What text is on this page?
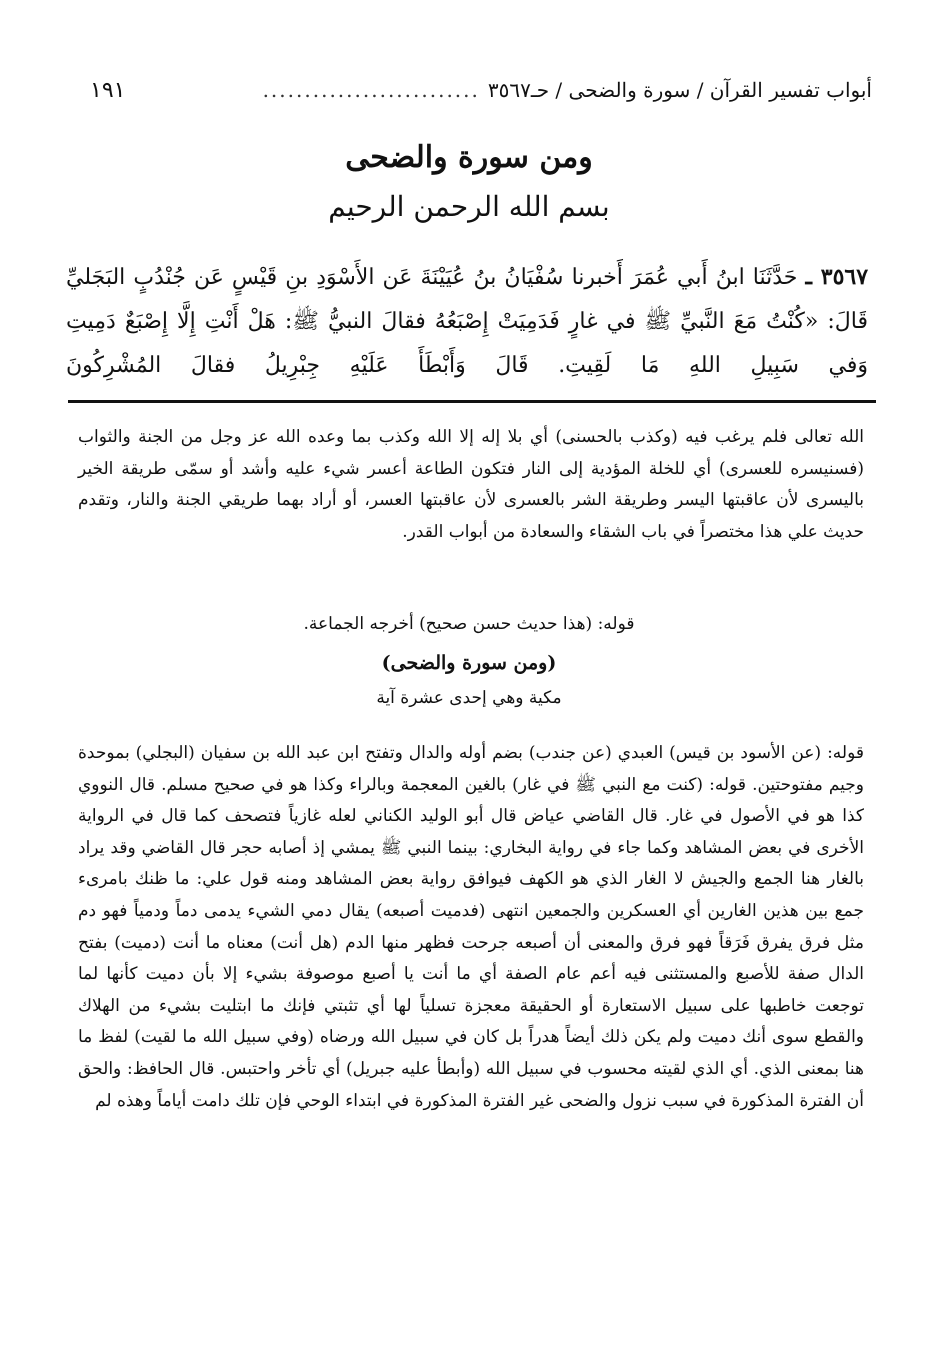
أبواب تفسير القرآن / سورة والضحى / حـ٣٥٦٧
..........................
١٩١
ومن سورة والضحى
بسم الله الرحمن الرحيم
٣٥٦٧ ـ حَدَّثَنَا ابنُ أَبي عُمَرَ أَخبرنا سُفْيَانُ بنُ عُيَيْنَةَ عَن الأَسْوَدِ بنِ قَيْسٍ عَن جُنْدُبٍ البَجَليِّ قَالَ: «كُنْتُ مَعَ النَّبيِّ ﷺ في غارٍ فَدَمِيَتْ إِصْبَعُهُ فقالَ النبيُّ ﷺ: هَلْ أَنْتِ إِلَّا إِصْبَعٌ دَمِيتِ وَفي سَبِيلِ اللهِ مَا لَقِيتِ. قَالَ وَأَبْطَأَ عَلَيْهِ جِبْرِيلُ فقالَ المُشْرِكُونَ

الله تعالى فلم يرغب فيه (وكذب بالحسنى) أي بلا إله إلا الله وكذب بما وعده الله عز وجل من الجنة والثواب (فسنيسره للعسرى) أي للخلة المؤدية إلى النار فتكون الطاعة أعسر شيء عليه وأشد أو سمّى طريقة الخير باليسرى لأن عاقبتها اليسر وطريقة الشر بالعسرى لأن عاقبتها العسر، أو أراد بهما طريقي الجنة والنار، وتقدم حديث علي هذا مختصراً في باب الشقاء والسعادة من أبواب القدر.

قوله: (هذا حديث حسن صحيح) أخرجه الجماعة.
(ومن سورة والضحى)
مكية وهي إحدى عشرة آية

قوله: (عن الأسود بن قيس) العبدي (عن جندب) بضم أوله والدال وتفتح ابن عبد الله بن سفيان (البجلي) بموحدة وجيم مفتوحتين. قوله: (كنت مع النبي ﷺ في غار) بالغين المعجمة وبالراء وكذا هو في صحيح مسلم. قال النووي كذا هو في الأصول في غار. قال القاضي عياض قال أبو الوليد الكناني لعله غازياً فتصحف كما قال في الرواية الأخرى في بعض المشاهد وكما جاء في رواية البخاري: بينما النبي ﷺ يمشي إذ أصابه حجر قال القاضي وقد يراد بالغار هنا الجمع والجيش لا الغار الذي هو الكهف فيوافق رواية بعض المشاهد ومنه قول علي: ما ظنك بامرىء جمع بين هذين الغارين أي العسكرين والجمعين انتهى (فدميت أصبعه) يقال دمي الشيء يدمى دماً ودمياً فهو دم مثل فرق يفرق فَرَقاً فهو فرق والمعنى أن أصبعه جرحت فظهر منها الدم (هل أنت) معناه ما أنت (دميت) بفتح الدال صفة للأصبع والمستثنى فيه أعم عام الصفة أي ما أنت يا أصبع موصوفة بشيء إلا بأن دميت كأنها لما توجعت خاطبها على سبيل الاستعارة أو الحقيقة معجزة تسلياً لها أي تثبتي فإنك ما ابتليت بشيء من الهلاك والقطع سوى أنك دميت ولم يكن ذلك أيضاً هدراً بل كان في سبيل الله ورضاه (وفي سبيل الله ما لقيت) لفظ ما هنا بمعنى الذي. أي الذي لقيته محسوب في سبيل الله (وأبطأ عليه جبريل) أي تأخر واحتبس. قال الحافظ: والحق أن الفترة المذكورة في سبب نزول والضحى غير الفترة المذكورة في ابتداء الوحي فإن تلك دامت أياماً وهذه لم
